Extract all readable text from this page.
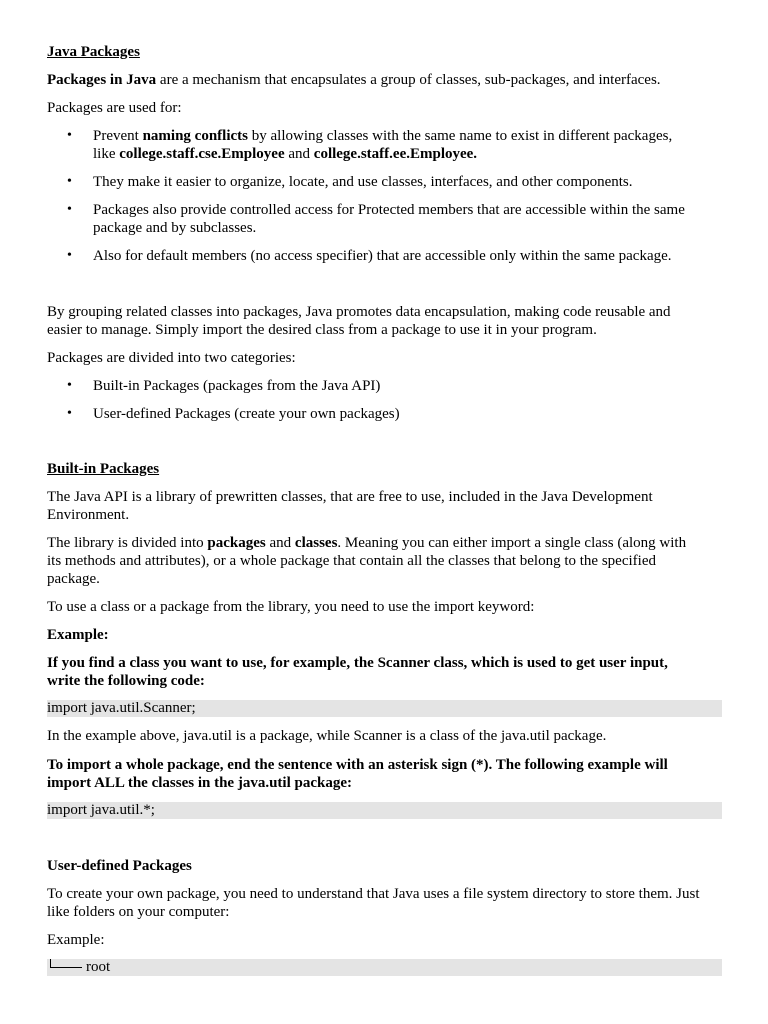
Java Packages

Packages in Java are a mechanism that encapsulates a group of classes, sub-packages, and interfaces.

Packages are used for:

• Prevent naming conflicts by allowing classes with the same name to exist in different packages,

like college.staff.cse.Employee and college.staff.ee.Employee.

• They make it easier to organize, locate, and use classes, interfaces, and other components.

• Packages also provide controlled access for Protected members that are accessible within the same

package and by subclasses.

• Also for default members (no access specifier) that are accessible only within the same package.

By grouping related classes into packages, Java promotes data encapsulation, making code reusable and

easier to manage. Simply import the desired class from a package to use it in your program.

Packages are divided into two categories:

• Built-in Packages (packages from the Java API)

• User-defined Packages (create your own packages)

Built-in Packages

The Java API is a library of prewritten classes, that are free to use, included in the Java Development

Environment.

The library is divided into packages and classes. Meaning you can either import a single class (along with

its methods and attributes), or a whole package that contain all the classes that belong to the specified

package.

To use a class or a package from the library, you need to use the import keyword:

Example:

If you find a class you want to use, for example, the Scanner class, which is used to get user input,

write the following code:

import java.util.Scanner;

In the example above, java.util is a package, while Scanner is a class of the java.util package.

To import a whole package, end the sentence with an asterisk sign (*). The following example will

import ALL the classes in the java.util package:

import java.util.*;

User-defined Packages

To create your own package, you need to understand that Java uses a file system directory to store them. Just

like folders on your computer:

Example:

root
